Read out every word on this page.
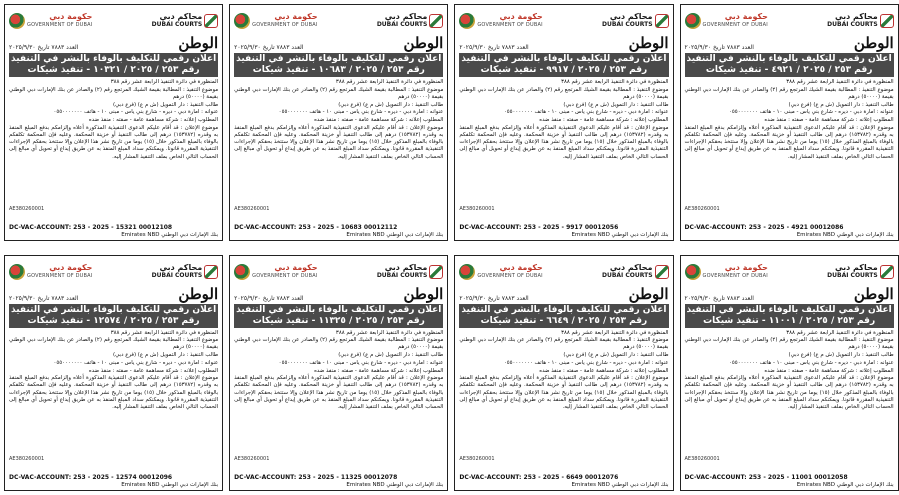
حكومة دبي
GOVERNMENT OF DUBAI
محاكم دبي
DUBAI COURTS
الوطن
العدد ٧٨٨٣ تاريخ ٢٠٢٥/٩/٣٠
اعلان رقمي للتكليف بالوفاء بالنشر في التنفيذ
رقم ٢٥٣ / ٢٠٢٥ / ١٠٣٢١ - تنفيذ شيكات

المنظورة في دائرة التنفيذ الرابعة عشر رقم ٣٨٨

موضوع التنفيذ : المطالبة بقيمة الشيك المرتجع رقم (٢) والصادر عن بنك الإمارات دبي الوطني بقيمة (٥٠٠٠٠) درهم

طالب التنفيذ : دار التمويل (ش م ع) (فرع دبي)

عنوانه : امارة دبي - ديره - شارع بني ياس - مبنى ١٠ - هاتف ٠٥٥٠٠٠٠٠٠٠

المطلوب إعلانه : شركة مساهمة عامة - صفته : منفذ ضده

موضوع الإعلان : قد أقام عليكم الدعوى التنفيذية المذكورة أعلاه وإلزامكم بدفع المبلغ المنفذ به وقدره (١٥٣٧٨٢) درهم إلى طالب التنفيذ أو خزينة المحكمة. وعليه فإن المحكمة تكلفكم بالوفاء بالمبلغ المذكور خلال (١٥) يوما من تاريخ نشر هذا الإعلان وإلا ستتخذ بحقكم الإجراءات التنفيذية المقررة قانونا. ويمكنكم سداد المبلغ المنفذ به عن طريق إيداع أو تحويل أي مبالغ إلى الحساب التالي الخاص بملف التنفيذ المشار إليه.

AE380260001
DC-VAC-ACCOUNT: 253 - 2025 - 15321 00012108
بنك الإمارات دبي الوطني Emirates NBD
حكومة دبي
GOVERNMENT OF DUBAI
محاكم دبي
DUBAI COURTS
الوطن
العدد ٧٨٨٣ تاريخ ٢٠٢٥/٩/٣٠
اعلان رقمي للتكليف بالوفاء بالنشر في التنفيذ
رقم ٢٥٣ / ٢٠٢٥ / ١٠٦٨٣ - تنفيذ شيكات

المنظورة في دائرة التنفيذ الرابعة عشر رقم ٣٨٨

موضوع التنفيذ : المطالبة بقيمة الشيك المرتجع رقم (٢) والصادر عن بنك الإمارات دبي الوطني بقيمة (٥٠٠٠٠) درهم

طالب التنفيذ : دار التمويل (ش م ع) (فرع دبي)

عنوانه : امارة دبي - ديره - شارع بني ياس - مبنى ١٠ - هاتف ٠٥٥٠٠٠٠٠٠٠

المطلوب إعلانه : شركة مساهمة عامة - صفته : منفذ ضده

موضوع الإعلان : قد أقام عليكم الدعوى التنفيذية المذكورة أعلاه وإلزامكم بدفع المبلغ المنفذ به وقدره (١٥٣٧٨٢) درهم إلى طالب التنفيذ أو خزينة المحكمة. وعليه فإن المحكمة تكلفكم بالوفاء بالمبلغ المذكور خلال (١٥) يوما من تاريخ نشر هذا الإعلان وإلا ستتخذ بحقكم الإجراءات التنفيذية المقررة قانونا. ويمكنكم سداد المبلغ المنفذ به عن طريق إيداع أو تحويل أي مبالغ إلى الحساب التالي الخاص بملف التنفيذ المشار إليه.

AE380260001
DC-VAC-ACCOUNT: 253 - 2025 - 10683 00012112
بنك الإمارات دبي الوطني Emirates NBD
حكومة دبي
GOVERNMENT OF DUBAI
محاكم دبي
DUBAI COURTS
الوطن
العدد ٧٨٨٣ تاريخ ٢٠٢٥/٩/٣٠
اعلان رقمي للتكليف بالوفاء بالنشر في التنفيذ
رقم ٢٥٣ / ٢٠٢٥ / ٩٩١٧ - تنفيذ شيكات

المنظورة في دائرة التنفيذ الرابعة عشر رقم ٣٨٨

موضوع التنفيذ : المطالبة بقيمة الشيك المرتجع رقم (٢) والصادر عن بنك الإمارات دبي الوطني بقيمة (٥٠٠٠٠) درهم

طالب التنفيذ : دار التمويل (ش م ع) (فرع دبي)

عنوانه : امارة دبي - ديره - شارع بني ياس - مبنى ١٠ - هاتف ٠٥٥٠٠٠٠٠٠٠

المطلوب إعلانه : شركة مساهمة عامة - صفته : منفذ ضده

موضوع الإعلان : قد أقام عليكم الدعوى التنفيذية المذكورة أعلاه وإلزامكم بدفع المبلغ المنفذ به وقدره (١٥٣٧٨٢) درهم إلى طالب التنفيذ أو خزينة المحكمة. وعليه فإن المحكمة تكلفكم بالوفاء بالمبلغ المذكور خلال (١٥) يوما من تاريخ نشر هذا الإعلان وإلا ستتخذ بحقكم الإجراءات التنفيذية المقررة قانونا. ويمكنكم سداد المبلغ المنفذ به عن طريق إيداع أو تحويل أي مبالغ إلى الحساب التالي الخاص بملف التنفيذ المشار إليه.

AE380260001
DC-VAC-ACCOUNT: 253 - 2025 - 9917 00012056
بنك الإمارات دبي الوطني Emirates NBD
حكومة دبي
GOVERNMENT OF DUBAI
محاكم دبي
DUBAI COURTS
الوطن
العدد ٧٨٨٣ تاريخ ٢٠٢٥/٩/٣٠
اعلان رقمي للتكليف بالوفاء بالنشر في التنفيذ
رقم ٢٥٣ / ٢٠٢٥ / ٤٩٢١ - تنفيذ شيكات

المنظورة في دائرة التنفيذ الرابعة عشر رقم ٣٨٨

موضوع التنفيذ : المطالبة بقيمة الشيك المرتجع رقم (٢) والصادر عن بنك الإمارات دبي الوطني بقيمة (٥٠٠٠٠) درهم

طالب التنفيذ : دار التمويل (ش م ع) (فرع دبي)

عنوانه : امارة دبي - ديره - شارع بني ياس - مبنى ١٠ - هاتف ٠٥٥٠٠٠٠٠٠٠

المطلوب إعلانه : شركة مساهمة عامة - صفته : منفذ ضده

موضوع الإعلان : قد أقام عليكم الدعوى التنفيذية المذكورة أعلاه وإلزامكم بدفع المبلغ المنفذ به وقدره (١٥٣٧٨٢) درهم إلى طالب التنفيذ أو خزينة المحكمة. وعليه فإن المحكمة تكلفكم بالوفاء بالمبلغ المذكور خلال (١٥) يوما من تاريخ نشر هذا الإعلان وإلا ستتخذ بحقكم الإجراءات التنفيذية المقررة قانونا. ويمكنكم سداد المبلغ المنفذ به عن طريق إيداع أو تحويل أي مبالغ إلى الحساب التالي الخاص بملف التنفيذ المشار إليه.

AE380260001
DC-VAC-ACCOUNT: 253 - 2025 - 4921 00012086
بنك الإمارات دبي الوطني Emirates NBD
حكومة دبي
GOVERNMENT OF DUBAI
محاكم دبي
DUBAI COURTS
الوطن
العدد ٧٨٨٣ تاريخ ٢٠٢٥/٩/٣٠
اعلان رقمي للتكليف بالوفاء بالنشر في التنفيذ
رقم ٢٥٣ / ٢٠٢٥ / ١٢٥٧٤ - تنفيذ شيكات

المنظورة في دائرة التنفيذ الرابعة عشر رقم ٣٨٨

موضوع التنفيذ : المطالبة بقيمة الشيك المرتجع رقم (٢) والصادر عن بنك الإمارات دبي الوطني بقيمة (٥٠٠٠٠) درهم

طالب التنفيذ : دار التمويل (ش م ع) (فرع دبي)

عنوانه : امارة دبي - ديره - شارع بني ياس - مبنى ١٠ - هاتف ٠٥٥٠٠٠٠٠٠٠

المطلوب إعلانه : شركة مساهمة عامة - صفته : منفذ ضده

موضوع الإعلان : قد أقام عليكم الدعوى التنفيذية المذكورة أعلاه وإلزامكم بدفع المبلغ المنفذ به وقدره (١٥٣٧٨٢) درهم إلى طالب التنفيذ أو خزينة المحكمة. وعليه فإن المحكمة تكلفكم بالوفاء بالمبلغ المذكور خلال (١٥) يوما من تاريخ نشر هذا الإعلان وإلا ستتخذ بحقكم الإجراءات التنفيذية المقررة قانونا. ويمكنكم سداد المبلغ المنفذ به عن طريق إيداع أو تحويل أي مبالغ إلى الحساب التالي الخاص بملف التنفيذ المشار إليه.

AE380260001
DC-VAC-ACCOUNT: 253 - 2025 - 12574 00012096
بنك الإمارات دبي الوطني Emirates NBD
حكومة دبي
GOVERNMENT OF DUBAI
محاكم دبي
DUBAI COURTS
الوطن
العدد ٧٨٨٣ تاريخ ٢٠٢٥/٩/٣٠
اعلان رقمي للتكليف بالوفاء بالنشر في التنفيذ
رقم ٢٥٣ / ٢٠٢٥ / ١١٣٢٥ - تنفيذ شيكات

المنظورة في دائرة التنفيذ الرابعة عشر رقم ٣٨٨

موضوع التنفيذ : المطالبة بقيمة الشيك المرتجع رقم (٢) والصادر عن بنك الإمارات دبي الوطني بقيمة (٥٠٠٠٠) درهم

طالب التنفيذ : دار التمويل (ش م ع) (فرع دبي)

عنوانه : امارة دبي - ديره - شارع بني ياس - مبنى ١٠ - هاتف ٠٥٥٠٠٠٠٠٠٠

المطلوب إعلانه : شركة مساهمة عامة - صفته : منفذ ضده

موضوع الإعلان : قد أقام عليكم الدعوى التنفيذية المذكورة أعلاه وإلزامكم بدفع المبلغ المنفذ به وقدره (١٥٣٧٨٢) درهم إلى طالب التنفيذ أو خزينة المحكمة. وعليه فإن المحكمة تكلفكم بالوفاء بالمبلغ المذكور خلال (١٥) يوما من تاريخ نشر هذا الإعلان وإلا ستتخذ بحقكم الإجراءات التنفيذية المقررة قانونا. ويمكنكم سداد المبلغ المنفذ به عن طريق إيداع أو تحويل أي مبالغ إلى الحساب التالي الخاص بملف التنفيذ المشار إليه.

AE380260001
DC-VAC-ACCOUNT: 253 - 2025 - 11325 00012078
بنك الإمارات دبي الوطني Emirates NBD
حكومة دبي
GOVERNMENT OF DUBAI
محاكم دبي
DUBAI COURTS
الوطن
العدد ٧٨٨٣ تاريخ ٢٠٢٥/٩/٣٠
اعلان رقمي للتكليف بالوفاء بالنشر في التنفيذ
رقم ٢٥٣ / ٢٠٢٥ / ٦٦٤٩ - تنفيذ شيكات

المنظورة في دائرة التنفيذ الرابعة عشر رقم ٣٨٨

موضوع التنفيذ : المطالبة بقيمة الشيك المرتجع رقم (٢) والصادر عن بنك الإمارات دبي الوطني بقيمة (٥٠٠٠٠) درهم

طالب التنفيذ : دار التمويل (ش م ع) (فرع دبي)

عنوانه : امارة دبي - ديره - شارع بني ياس - مبنى ١٠ - هاتف ٠٥٥٠٠٠٠٠٠٠

المطلوب إعلانه : شركة مساهمة عامة - صفته : منفذ ضده

موضوع الإعلان : قد أقام عليكم الدعوى التنفيذية المذكورة أعلاه وإلزامكم بدفع المبلغ المنفذ به وقدره (١٥٣٧٨٢) درهم إلى طالب التنفيذ أو خزينة المحكمة. وعليه فإن المحكمة تكلفكم بالوفاء بالمبلغ المذكور خلال (١٥) يوما من تاريخ نشر هذا الإعلان وإلا ستتخذ بحقكم الإجراءات التنفيذية المقررة قانونا. ويمكنكم سداد المبلغ المنفذ به عن طريق إيداع أو تحويل أي مبالغ إلى الحساب التالي الخاص بملف التنفيذ المشار إليه.

AE380260001
DC-VAC-ACCOUNT: 253 - 2025 - 6649 00012076
بنك الإمارات دبي الوطني Emirates NBD
حكومة دبي
GOVERNMENT OF DUBAI
محاكم دبي
DUBAI COURTS
الوطن
العدد ٧٨٨٣ تاريخ ٢٠٢٥/٩/٣٠
اعلان رقمي للتكليف بالوفاء بالنشر في التنفيذ
رقم ٢٥٣ / ٢٠٢٥ / ١١٠٠١ - تنفيذ شيكات

المنظورة في دائرة التنفيذ الرابعة عشر رقم ٣٨٨

موضوع التنفيذ : المطالبة بقيمة الشيك المرتجع رقم (٢) والصادر عن بنك الإمارات دبي الوطني بقيمة (٥٠٠٠٠) درهم

طالب التنفيذ : دار التمويل (ش م ع) (فرع دبي)

عنوانه : امارة دبي - ديره - شارع بني ياس - مبنى ١٠ - هاتف ٠٥٥٠٠٠٠٠٠٠

المطلوب إعلانه : شركة مساهمة عامة - صفته : منفذ ضده

موضوع الإعلان : قد أقام عليكم الدعوى التنفيذية المذكورة أعلاه وإلزامكم بدفع المبلغ المنفذ به وقدره (١٥٣٧٨٢) درهم إلى طالب التنفيذ أو خزينة المحكمة. وعليه فإن المحكمة تكلفكم بالوفاء بالمبلغ المذكور خلال (١٥) يوما من تاريخ نشر هذا الإعلان وإلا ستتخذ بحقكم الإجراءات التنفيذية المقررة قانونا. ويمكنكم سداد المبلغ المنفذ به عن طريق إيداع أو تحويل أي مبالغ إلى الحساب التالي الخاص بملف التنفيذ المشار إليه.

AE380260001
DC-VAC-ACCOUNT: 253 - 2025 - 11001 00012058
بنك الإمارات دبي الوطني Emirates NBD
